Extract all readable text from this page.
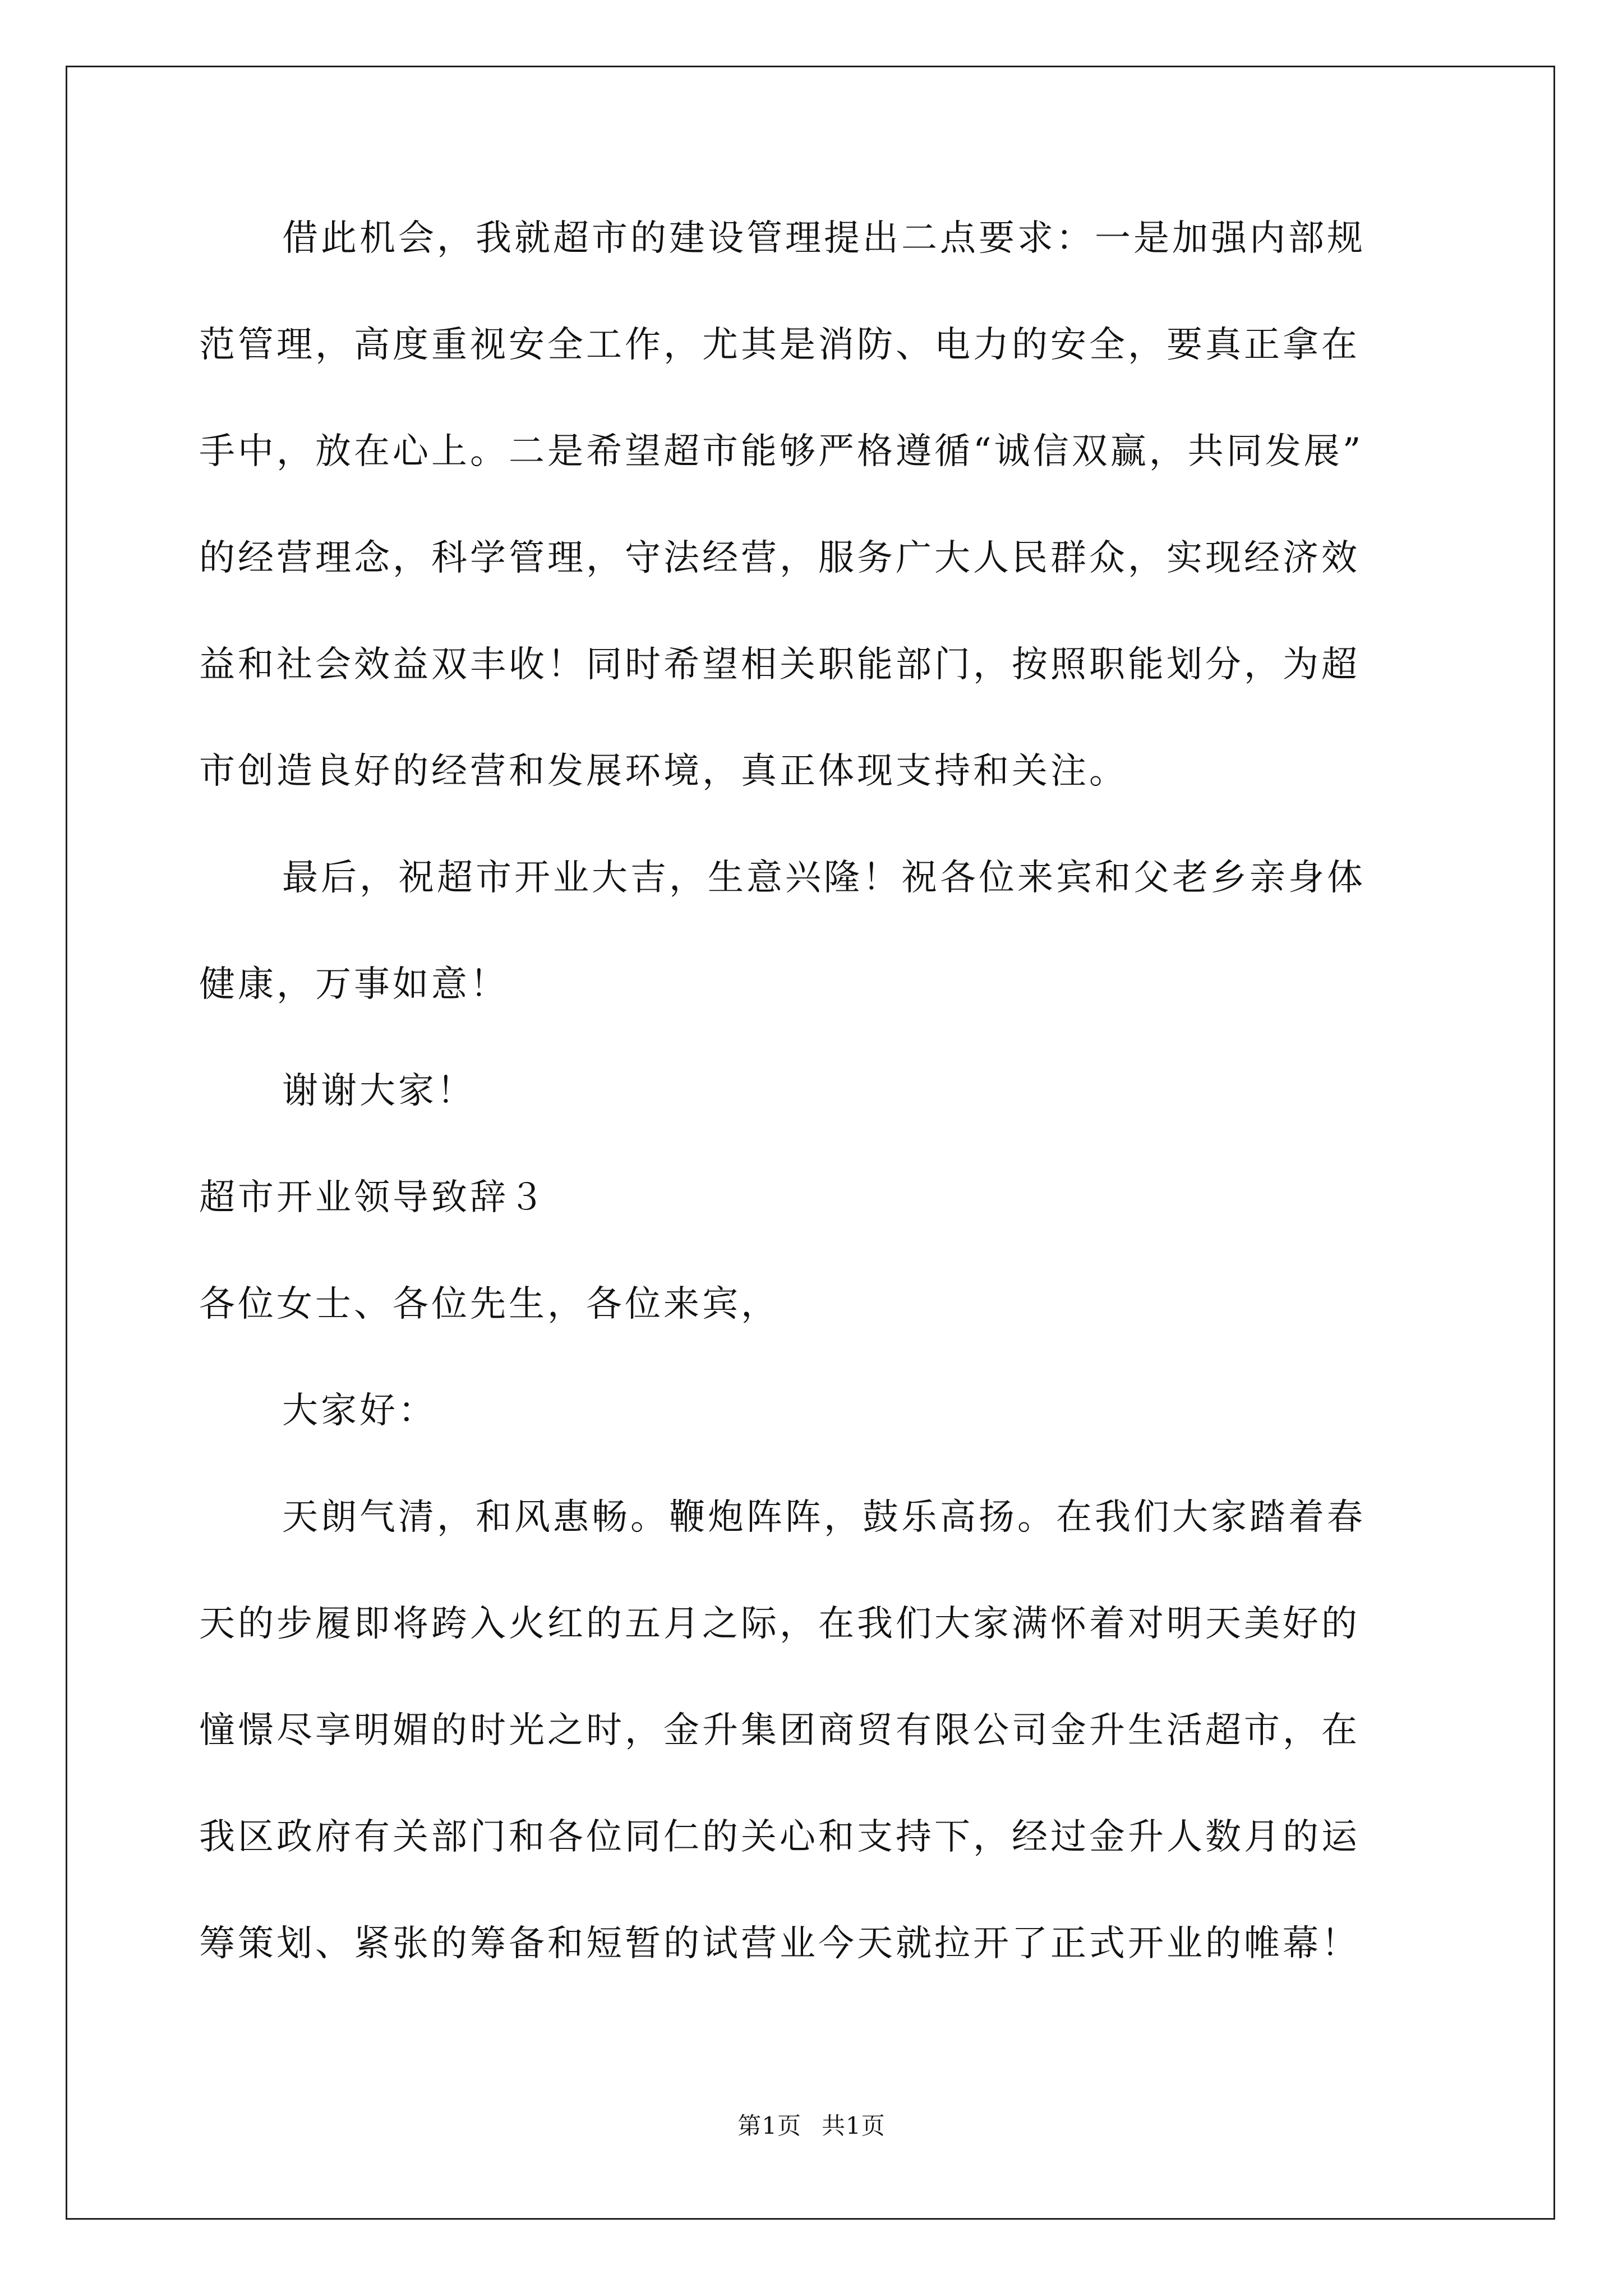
借此机会，我就超市的建设管理提出二点要求：一是加强内部规
范管理，高度重视安全工作，尤其是消防、电力的安全，要真正拿在
手中，放在心上。二是希望超市能够严格遵循“诚信双赢，共同发展”
的经营理念，科学管理，守法经营，服务广大人民群众，实现经济效
益和社会效益双丰收！同时希望相关职能部门，按照职能划分，为超
市创造良好的经营和发展环境，真正体现支持和关注。
最后，祝超市开业大吉，生意兴隆！祝各位来宾和父老乡亲身体
健康，万事如意！
谢谢大家！
超市开业领导致辞３
各位女士、各位先生，各位来宾，
大家好：
天朗气清，和风惠畅。鞭炮阵阵，鼓乐高扬。在我们大家踏着春
天的步履即将跨入火红的五月之际，在我们大家满怀着对明天美好的
憧憬尽享明媚的时光之时，金升集团商贸有限公司金升生活超市，在
我区政府有关部门和各位同仁的关心和支持下，经过金升人数月的运
筹策划、紧张的筹备和短暂的试营业今天就拉开了正式开业的帷幕！
第1页 共1页
